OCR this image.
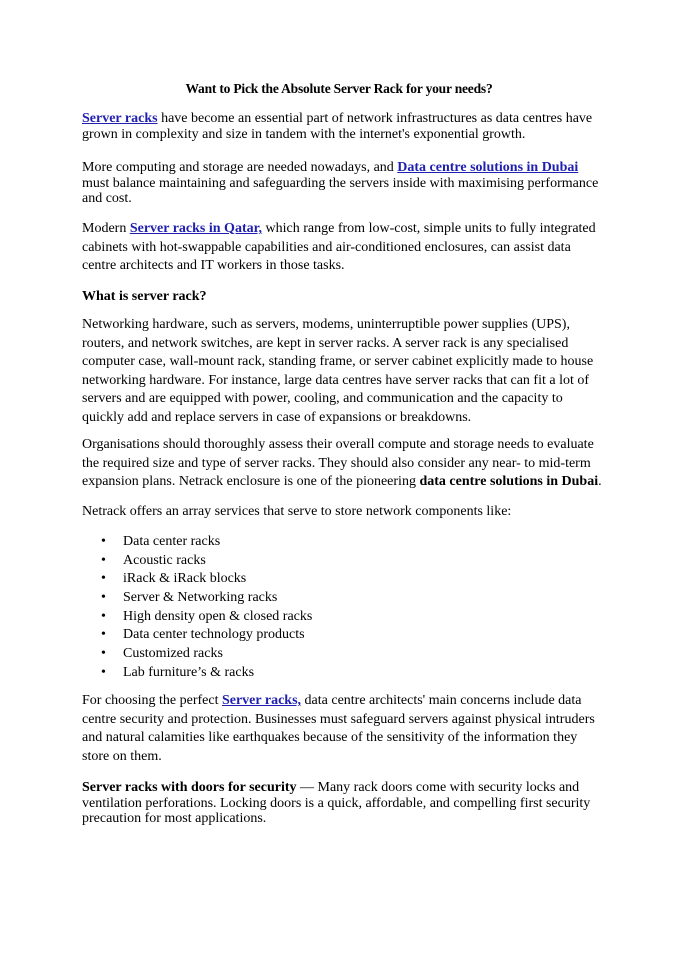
Want to Pick the Absolute Server Rack for your needs?

Server racks have become an essential part of network infrastructures as data centres have grown in complexity and size in tandem with the internet's exponential growth.

More computing and storage are needed nowadays, and Data centre solutions in Dubai must balance maintaining and safeguarding the servers inside with maximising performance and cost.

Modern Server racks in Qatar, which range from low-cost, simple units to fully integrated cabinets with hot-swappable capabilities and air-conditioned enclosures, can assist data centre architects and IT workers in those tasks.

What is server rack?

Networking hardware, such as servers, modems, uninterruptible power supplies (UPS), routers, and network switches, are kept in server racks. A server rack is any specialised computer case, wall-mount rack, standing frame, or server cabinet explicitly made to house networking hardware. For instance, large data centres have server racks that can fit a lot of servers and are equipped with power, cooling, and communication and the capacity to quickly add and replace servers in case of expansions or breakdowns.

Organisations should thoroughly assess their overall compute and storage needs to evaluate the required size and type of server racks. They should also consider any near- to mid-term expansion plans. Netrack enclosure is one of the pioneering data centre solutions in Dubai.

Netrack offers an array services that serve to store network components like:

• Data center racks
• Acoustic racks
• iRack & iRack blocks
• Server & Networking racks
• High density open & closed racks
• Data center technology products
• Customized racks
• Lab furniture’s & racks

For choosing the perfect Server racks, data centre architects' main concerns include data centre security and protection. Businesses must safeguard servers against physical intruders and natural calamities like earthquakes because of the sensitivity of the information they store on them.

Server racks with doors for security — Many rack doors come with security locks and ventilation perforations. Locking doors is a quick, affordable, and compelling first security precaution for most applications.
